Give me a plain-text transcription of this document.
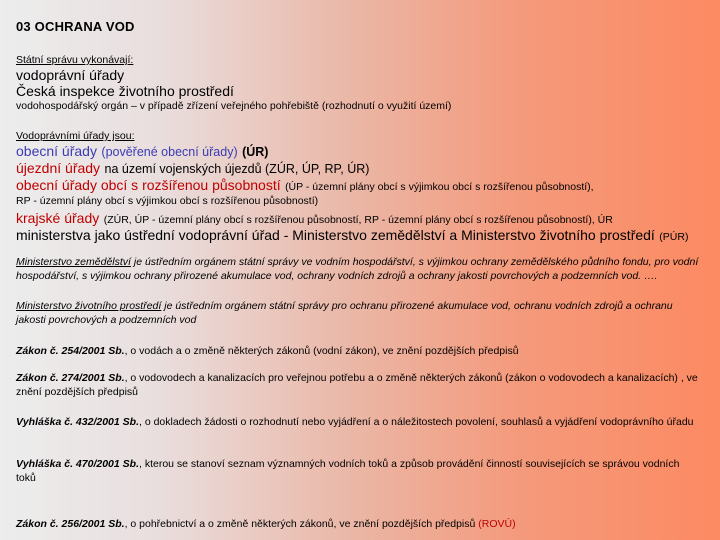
03 OCHRANA VOD
Státní správu vykonávají:
vodoprávní úřady
Česká inspekce životního prostředí
vodohospodářský orgán – v případě zřízení veřejného pohřebiště (rozhodnutí o využití území)
Vodoprávními úřady jsou:
obecní úřady (pověřené obecní úřady) (ÚR)
újezdní úřady na území vojenských újezdů (ZÚR, ÚP, RP, ÚR)
obecní úřady obcí s rozšířenou působností (ÚP - územní plány obcí s výjimkou obcí s rozšířenou působností),
RP - územní plány obcí s výjimkou obcí s rozšířenou působností)
krajské úřady (ZÚR, ÚP - územní plány obcí s rozšířenou působností, RP - územní plány obcí s rozšířenou působností), ÚR
ministerstva jako ústřední vodoprávní úřad - Ministerstvo zemědělství a Ministerstvo životního prostředí (PÚR)
Ministerstvo zemědělství je ústředním orgánem státní správy ve vodním hospodářství, s výjimkou ochrany zemědělského půdního fondu, pro vodní hospodářství, s výjimkou ochrany přirozené akumulace vod, ochrany vodních zdrojů a ochrany jakosti povrchových a podzemních vod. ….
Ministerstvo životního prostředí je ústředním orgánem státní správy pro ochranu přirozené akumulace vod, ochranu vodních zdrojů a ochranu jakosti povrchových a podzemních vod
Zákon č. 254/2001 Sb., o vodách a o změně některých zákonů (vodní zákon), ve znění pozdějších předpisů
Zákon č. 274/2001 Sb., o vodovodech a kanalizacích pro veřejnou potřebu a o změně některých zákonů (zákon o vodovodech a kanalizacích) , ve znění pozdějších předpisů
Vyhláška č. 432/2001 Sb., o dokladech žádosti o rozhodnutí nebo vyjádření a o náležitostech povolení, souhlasů a vyjádření vodoprávního úřadu
Vyhláška č. 470/2001 Sb., kterou se stanoví seznam významných vodních toků a způsob provádění činností souvisejících se správou vodních toků
Zákon č. 256/2001 Sb., o pohřebnictví a o změně některých zákonů, ve znění pozdějších předpisů (ROVÚ)
